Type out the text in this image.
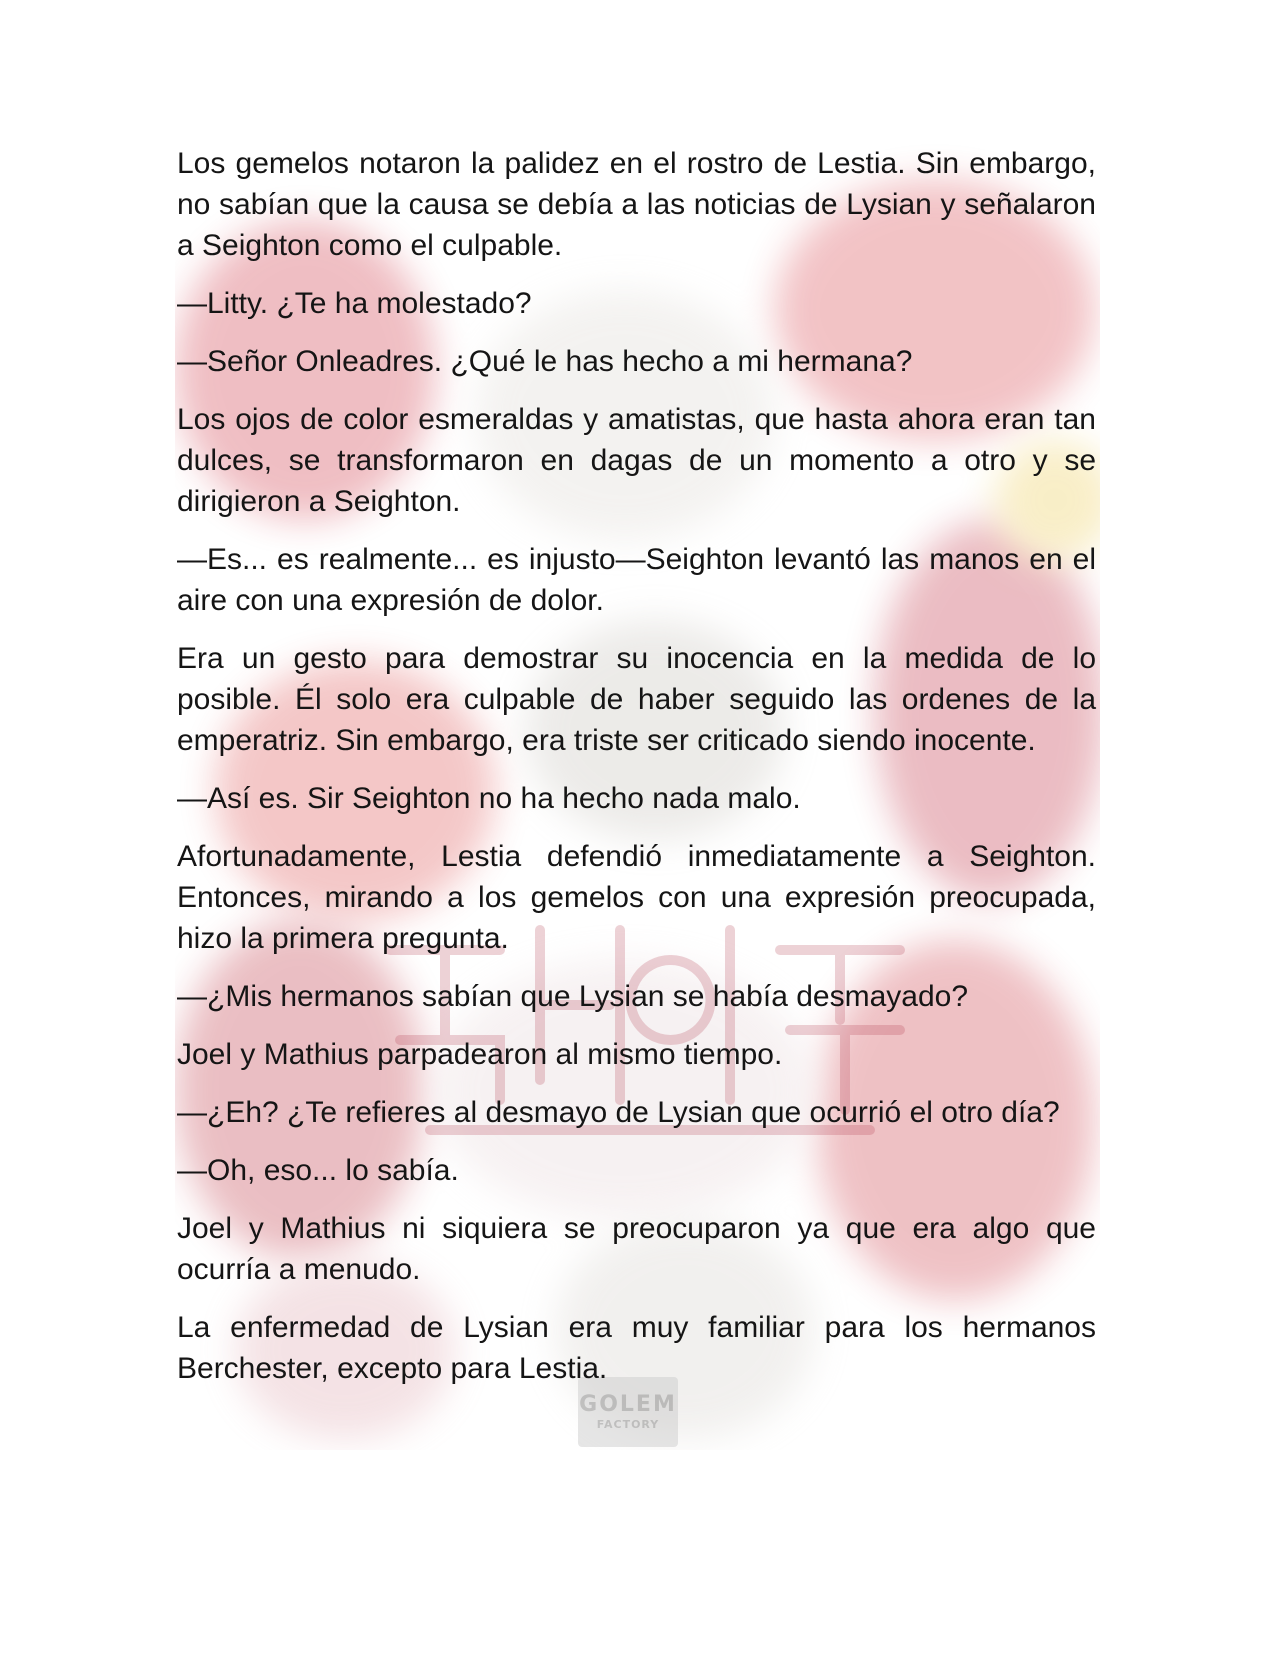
GOLEM
FACTORY

Los gemelos notaron la palidez en el rostro de Lestia. Sin embargo, no sabían que la causa se debía a las noticias de Lysian y señalaron a Seighton como el culpable.

—Litty. ¿Te ha molestado?

—Señor Onleadres. ¿Qué le has hecho a mi hermana?

Los ojos de color esmeraldas y amatistas, que hasta ahora eran tan dulces, se transformaron en dagas de un momento a otro y se dirigieron a Seighton.

—Es... es realmente... es injusto—Seighton levantó las manos en el aire con una expresión de dolor.

Era un gesto para demostrar su inocencia en la medida de lo posible. Él solo era culpable de haber seguido las ordenes de la emperatriz. Sin embargo, era triste ser criticado siendo inocente.

—Así es. Sir Seighton no ha hecho nada malo.

Afortunadamente, Lestia defendió inmediatamente a Seighton. Entonces, mirando a los gemelos con una expresión preocupada, hizo la primera pregunta.

—¿Mis hermanos sabían que Lysian se había desmayado?

Joel y Mathius parpadearon al mismo tiempo.

—¿Eh? ¿Te refieres al desmayo de Lysian que ocurrió el otro día?

—Oh, eso... lo sabía.

Joel y Mathius ni siquiera se preocuparon ya que era algo que ocurría a menudo.

La enfermedad de Lysian era muy familiar para los hermanos Berchester, excepto para Lestia.
